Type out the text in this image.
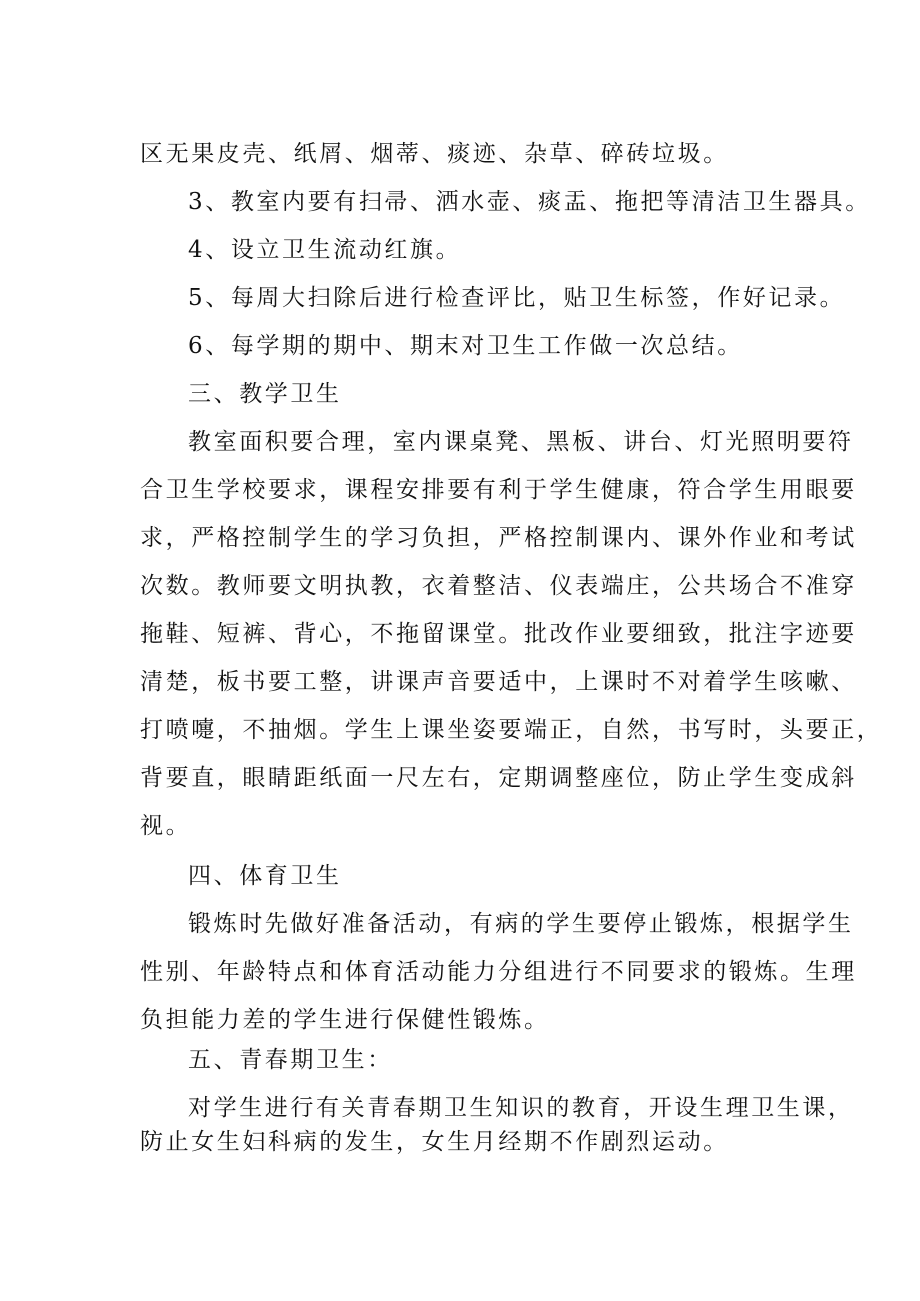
区无果皮壳、纸屑、烟蒂、痰迹、杂草、碎砖垃圾。
3、教室内要有扫帚、洒水壶、痰盂、拖把等清洁卫生器具。
4、设立卫生流动红旗。
5、每周大扫除后进行检查评比，贴卫生标签，作好记录。
6、每学期的期中、期末对卫生工作做一次总结。
三、教学卫生
教室面积要合理，室内课桌凳、黑板、讲台、灯光照明要符
合卫生学校要求，课程安排要有利于学生健康，符合学生用眼要
求，严格控制学生的学习负担，严格控制课内、课外作业和考试
次数。教师要文明执教，衣着整洁、仪表端庄，公共场合不准穿
拖鞋、短裤、背心，不拖留课堂。批改作业要细致，批注字迹要
清楚，板书要工整，讲课声音要适中，上课时不对着学生咳嗽、
打喷嚏，不抽烟。学生上课坐姿要端正，自然，书写时，头要正，
背要直，眼睛距纸面一尺左右，定期调整座位，防止学生变成斜
视。
四、体育卫生
锻炼时先做好准备活动，有病的学生要停止锻炼，根据学生
性别、年龄特点和体育活动能力分组进行不同要求的锻炼。生理
负担能力差的学生进行保健性锻炼。
五、青春期卫生：
对学生进行有关青春期卫生知识的教育，开设生理卫生课，
防止女生妇科病的发生，女生月经期不作剧烈运动。
